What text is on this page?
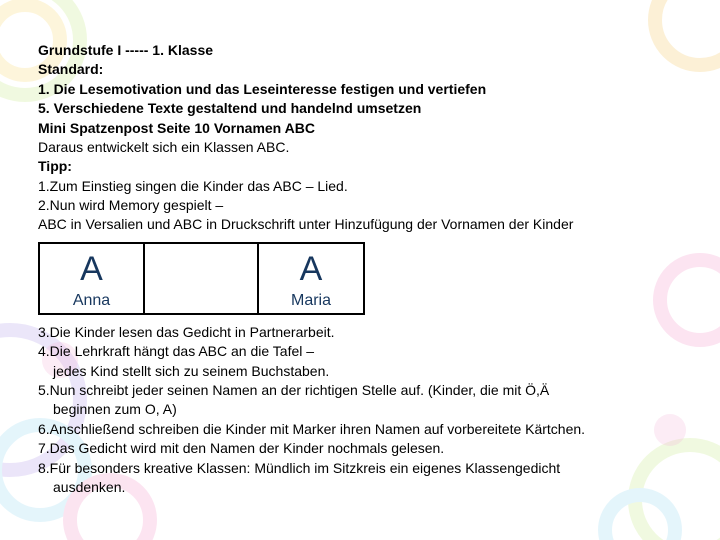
Grundstufe I ----- 1. Klasse
Standard:
1. Die Lesemotivation und das Leseinteresse festigen und vertiefen
5. Verschiedene Texte gestaltend und handelnd umsetzen
Mini Spatzenpost Seite 10 Vornamen ABC
Daraus entwickelt sich ein Klassen ABC.
Tipp:
1.Zum Einstieg singen die Kinder das ABC – Lied.
2.Nun wird Memory gespielt –
ABC in Versalien und ABC in Druckschrift unter Hinzufügung der Vornamen der Kinder
A
Anna
A
Maria
3.Die Kinder lesen das Gedicht in Partnerarbeit.
4.Die Lehrkraft hängt das ABC an die Tafel –
jedes Kind stellt sich zu seinem Buchstaben.
5.Nun schreibt jeder seinen Namen an der richtigen Stelle auf. (Kinder, die mit Ö,Ä
beginnen zum O, A)
6.Anschließend schreiben die Kinder mit Marker ihren Namen auf vorbereitete Kärtchen.
7.Das Gedicht wird mit den Namen der Kinder nochmals gelesen.
8.Für besonders kreative Klassen: Mündlich im Sitzkreis ein eigenes Klassengedicht
ausdenken.
